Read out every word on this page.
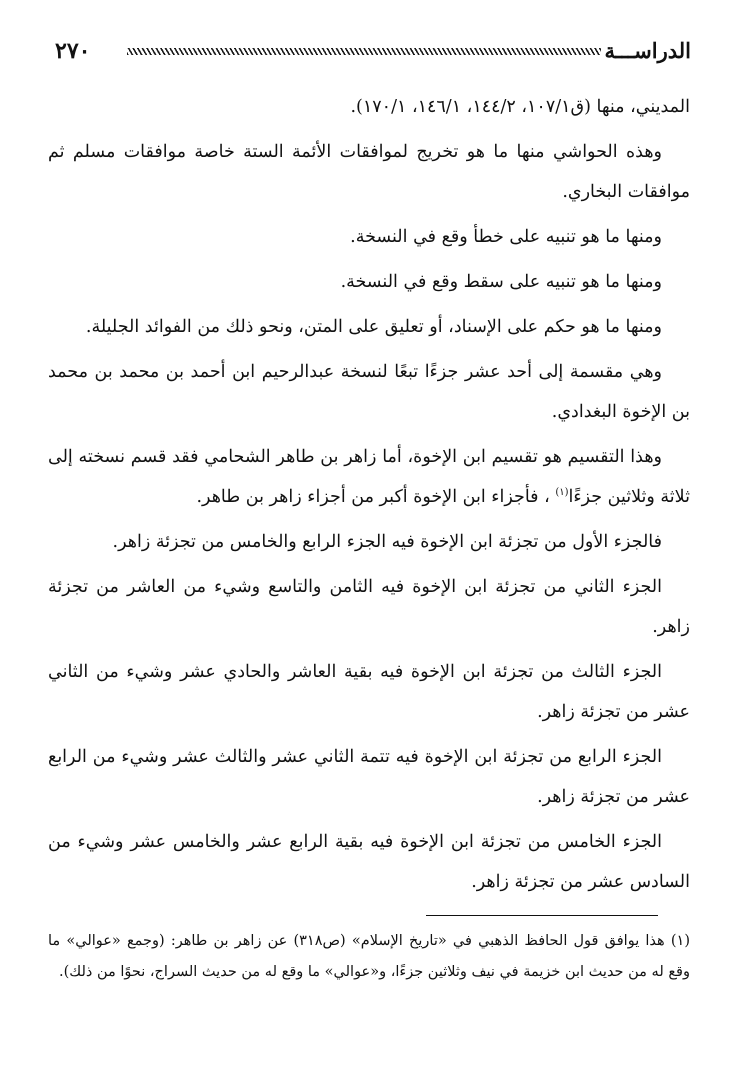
٢٧٠	الدراســـة

المديني، منها (ق١٠٧/١، ١٤٤/٢، ١٤٦/١، ١٧٠/١).

وهذه الحواشي منها ما هو تخريج لموافقات الأئمة الستة خاصة موافقات مسلم ثم موافقات البخاري.

ومنها ما هو تنبيه على خطأ وقع في النسخة.

ومنها ما هو تنبيه على سقط وقع في النسخة.

ومنها ما هو حكم على الإسناد، أو تعليق على المتن، ونحو ذلك من الفوائد الجليلة.

وهي مقسمة إلى أحد عشر جزءًا تبعًا لنسخة عبدالرحيم ابن أحمد بن محمد بن محمد بن الإخوة البغدادي.

وهذا التقسيم هو تقسيم ابن الإخوة، أما زاهر بن طاهر الشحامي فقد قسم نسخته إلى ثلاثة وثلاثين جزءًا$^{(١)}$ ، فأجزاء ابن الإخوة أكبر من أجزاء زاهر بن طاهر.

فالجزء الأول من تجزئة ابن الإخوة فيه الجزء الرابع والخامس من تجزئة زاهر.

الجزء الثاني من تجزئة ابن الإخوة فيه الثامن والتاسع وشيء من العاشر من تجزئة زاهر.

الجزء الثالث من تجزئة ابن الإخوة فيه بقية العاشر والحادي عشر وشيء من الثاني عشر من تجزئة زاهر.

الجزء الرابع من تجزئة ابن الإخوة فيه تتمة الثاني عشر والثالث عشر وشيء من الرابع عشر من تجزئة زاهر.

الجزء الخامس من تجزئة ابن الإخوة فيه بقية الرابع عشر والخامس عشر وشيء من السادس عشر من تجزئة زاهر.

(١) هذا يوافق قول الحافظ الذهبي في «تاريخ الإسلام» (ص٣١٨) عن زاهر بن طاهر: (وجمع «عوالي» ما وقع له من حديث ابن خزيمة في نيف وثلاثين جزءًا، و«عوالي» ما وقع له من حديث السراج، نحوًا من ذلك).
